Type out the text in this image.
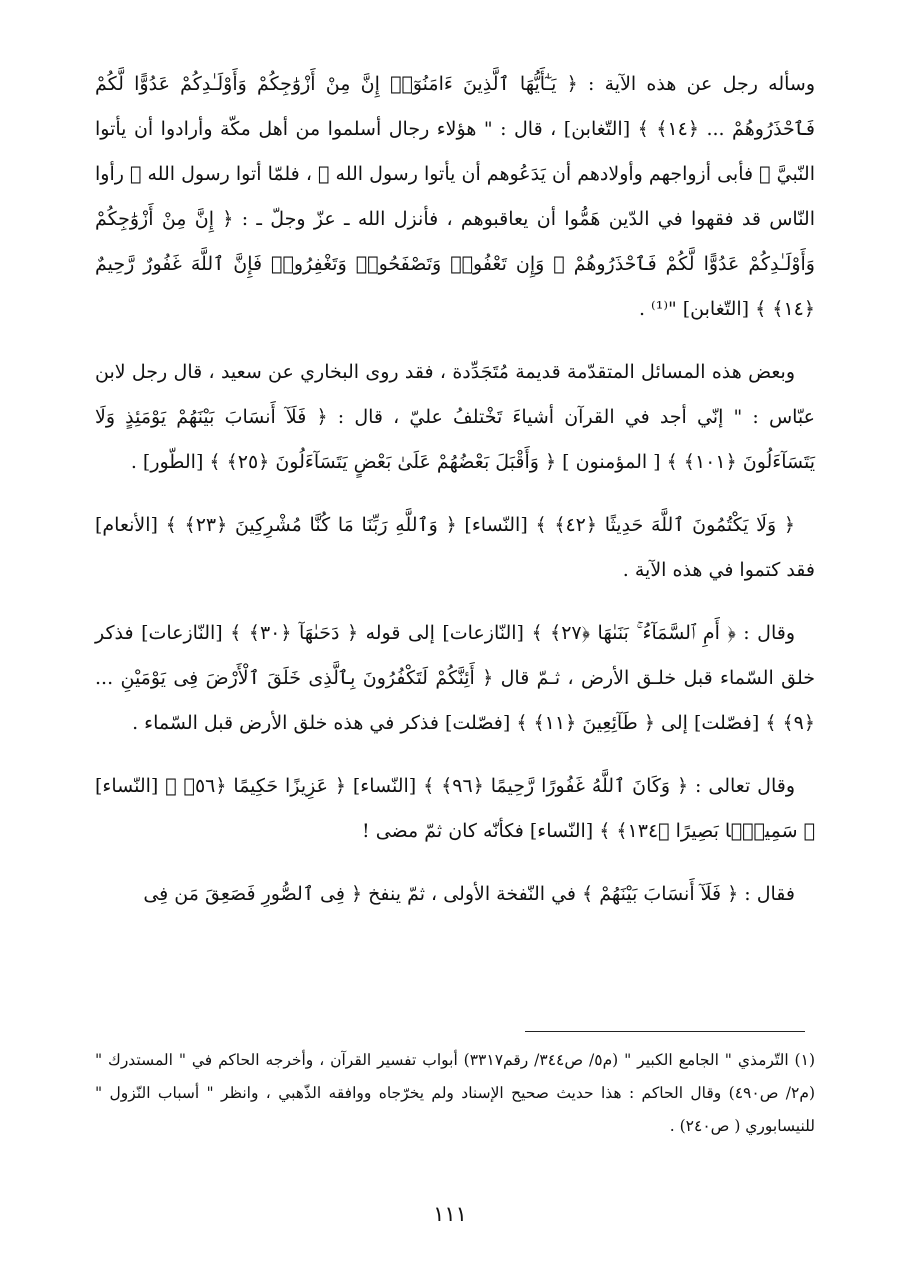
وسأله رجل عن هذه الآية : ﴿ يَـٰٓأَيُّهَا ٱلَّذِينَ ءَامَنُوٓا۟ إِنَّ مِنْ أَزْوَٰجِكُمْ وَأَوْلَـٰدِكُمْ عَدُوًّا لَّكُمْ فَٱحْذَرُوهُمْ ... ﴿١٤﴾ ﴾ [التّغابن] ، قال : " هؤلاء رجال أسلموا من أهل مكّة وأرادوا أن يأتوا النّبيَّ ﷺ فأبى أزواجهم وأولادهم أن يَدَعُوهم أن يأتوا رسول الله ﷺ ، فلمّا أتوا رسول الله ﷺ رأوا النّاس قد فقهوا في الدّين هَمُّوا أن يعاقبوهم ، فأنزل الله ـ عزّ وجلّ ـ : ﴿ إِنَّ مِنْ أَزْوَٰجِكُمْ وَأَوْلَـٰدِكُمْ عَدُوًّا لَّكُمْ فَٱحْذَرُوهُمْ ۚ وَإِن تَعْفُوا۟ وَتَصْفَحُوا۟ وَتَغْفِرُوا۟ فَإِنَّ ٱللَّهَ غَفُورٌ رَّحِيمٌ ﴿١٤﴾ ﴾ [التّغابن] "⁽¹⁾ .

وبعض هذه المسائل المتقدّمة قديمة مُتَجَدِّدة ، فقد روى البخاري عن سعيد ، قال رجل لابن عبّاس : " إنّي أجد في القرآن أشياءَ تَخْتلفُ عليّ ، قال : ﴿ فَلَآ أَنسَابَ بَيْنَهُمْ يَوْمَئِذٍ وَلَا يَتَسَآءَلُونَ ﴿١٠١﴾ ﴾ [ المؤمنون ] ﴿ وَأَقْبَلَ بَعْضُهُمْ عَلَىٰ بَعْضٍ يَتَسَآءَلُونَ ﴿٢٥﴾ ﴾ [الطّور] .

﴿ وَلَا يَكْتُمُونَ ٱللَّهَ حَدِيثًا ﴿٤٢﴾ ﴾ [النّساء] ﴿ وَٱللَّهِ رَبِّنَا مَا كُنَّا مُشْرِكِينَ ﴿٢٣﴾ ﴾ [الأنعام] فقد كتموا في هذه الآية .

وقال : ﴿ أَمِ ٱلسَّمَآءُ ۚ بَنَىٰهَا ﴿٢٧﴾ ﴾ [النّازعات] إلى قوله ﴿ دَحَىٰهَآ ﴿٣٠﴾ ﴾ [النّازعات] فذكر خلق السّماء قبل خلـق الأرض ، ثـمّ قال ﴿ أَئِنَّكُمْ لَتَكْفُرُونَ بِٱلَّذِى خَلَقَ ٱلْأَرْضَ فِى يَوْمَيْنِ ... ﴿٩﴾ ﴾ [فصّلت] إلى ﴿ طَآئِعِينَ ﴿١١﴾ ﴾ [فصّلت] فذكر في هذه خلق الأرض قبل السّماء .

وقال تعالى : ﴿ وَكَانَ ٱللَّهُ غَفُورًا رَّحِيمًا ﴿٩٦﴾ ﴾ [النّساء] ﴿ عَزِيزًا حَكِيمًا ﴿٥٦﴾ ﴾ [النّساء] ﴿ سَمِيعًۢا بَصِيرًا ﴿١٣٤﴾ ﴾ [النّساء] فكأنّه كان ثمّ مضى !

فقال : ﴿ فَلَآ أَنسَابَ بَيْنَهُمْ ﴾ في النّفخة الأولى ، ثمّ ينفخ ﴿ فِى ٱلصُّورِ فَصَعِقَ مَن فِى

(١) التّرمذي " الجامع الكبير " (م٥/ ص٣٤٤/ رقم٣٣١٧) أبواب تفسير القرآن ، وأخرجه الحاكم في " المستدرك " (م٢/ ص٤٩٠) وقال الحاكم : هذا حديث صحيح الإسناد ولم يخرّجاه ووافقه الذّهبي ، وانظر " أسباب النّزول " للنيسابوري ( ص٢٤٠) .

١١١
